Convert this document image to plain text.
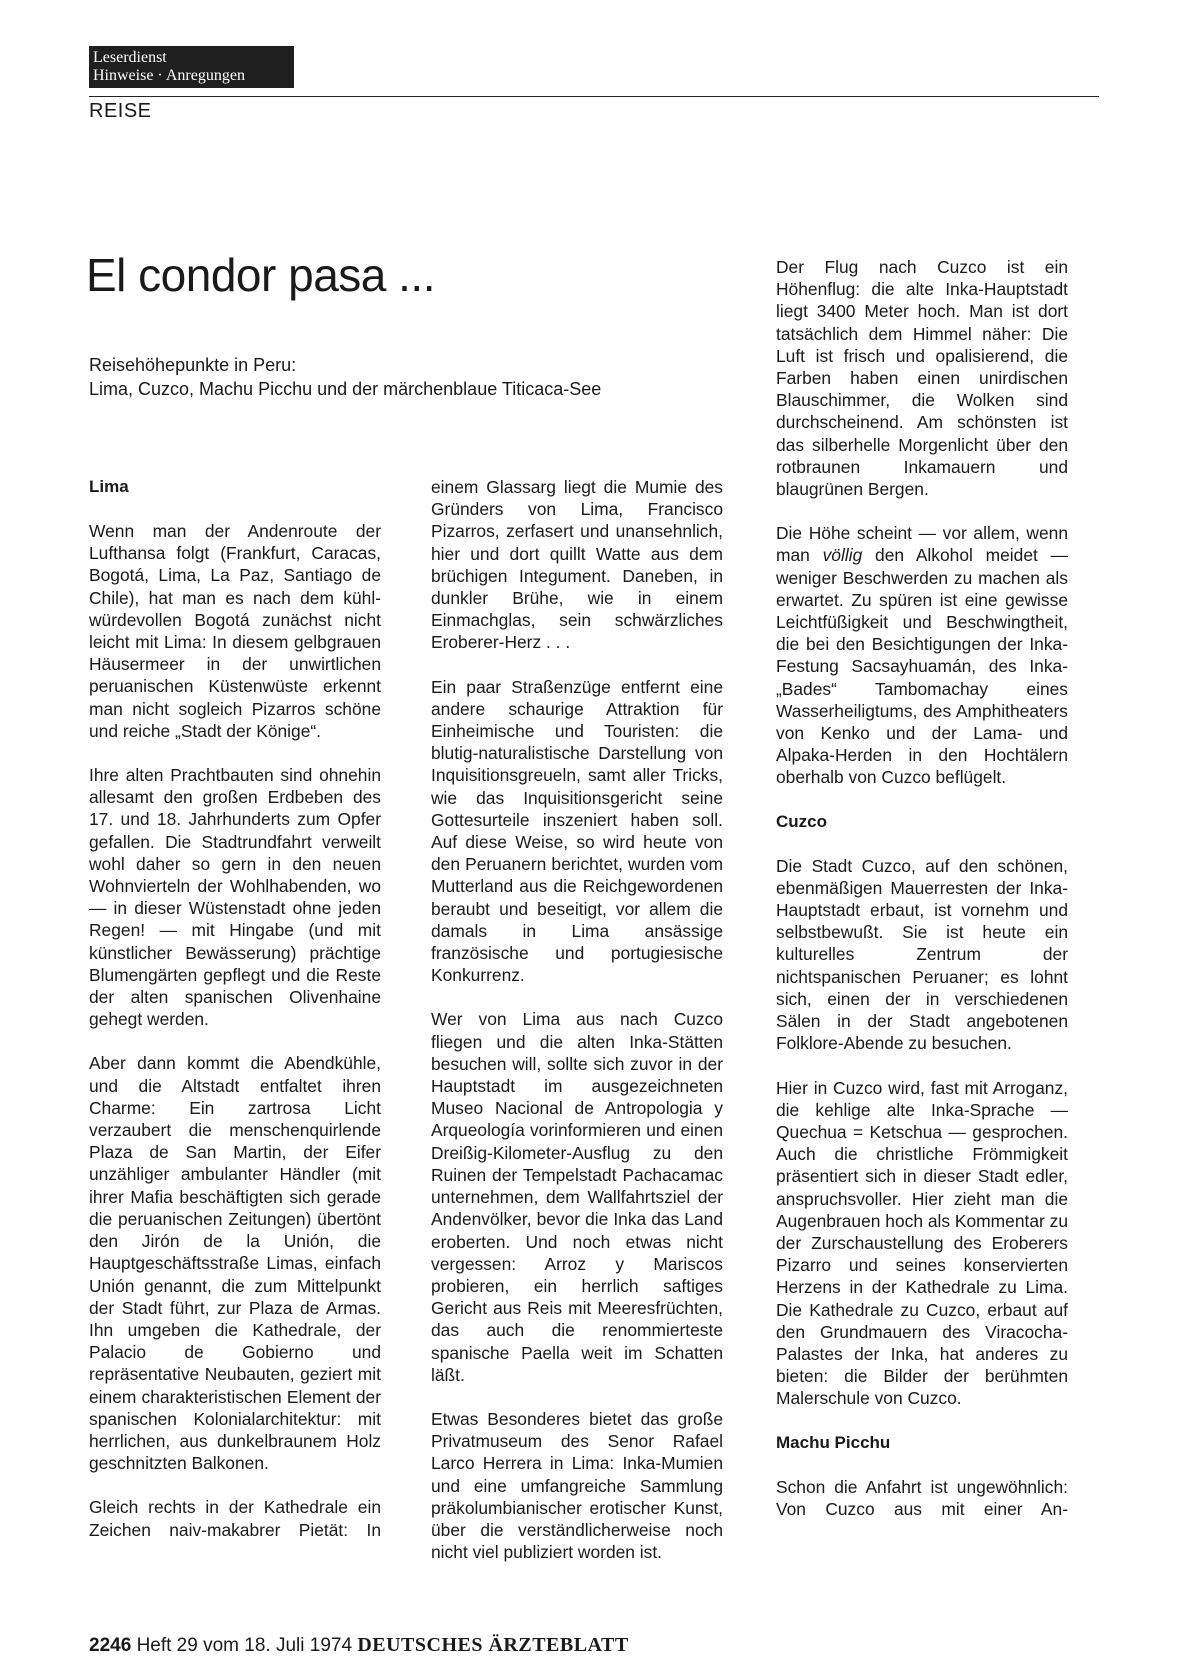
Leserdienst
Hinweise · Anregungen
REISE
El condor pasa ...
Reisehöhepunkte in Peru:
Lima, Cuzco, Machu Picchu und der märchenblaue Titicaca-See
Lima

Wenn man der Andenroute der Lufthansa folgt (Frankfurt, Caracas, Bogotá, Lima, La Paz, Santiago de Chile), hat man es nach dem kühl-würdevollen Bogotá zunächst nicht leicht mit Lima: In diesem gelbgrauen Häusermeer in der unwirtlichen peruanischen Küstenwüste erkennt man nicht sogleich Pizarros schöne und reiche „Stadt der Könige“.

Ihre alten Prachtbauten sind ohnehin allesamt den großen Erdbeben des 17. und 18. Jahrhunderts zum Opfer gefallen. Die Stadtrundfahrt verweilt wohl daher so gern in den neuen Wohnvierteln der Wohlhabenden, wo — in dieser Wüstenstadt ohne jeden Regen! — mit Hingabe (und mit künstlicher Bewässerung) prächtige Blumengärten gepflegt und die Reste der alten spanischen Olivenhaine gehegt werden.

Aber dann kommt die Abendkühle, und die Altstadt entfaltet ihren Charme: Ein zartrosa Licht verzaubert die menschenquirlende Plaza de San Martin, der Eifer unzähliger ambulanter Händler (mit ihrer Mafia beschäftigten sich gerade die peruanischen Zeitungen) übertönt den Jirón de la Unión, die Hauptgeschäftsstraße Limas, einfach Unión genannt, die zum Mittelpunkt der Stadt führt, zur Plaza de Armas. Ihn umgeben die Kathedrale, der Palacio de Gobierno und repräsentative Neubauten, geziert mit einem charakteristischen Element der spanischen Kolonialarchitektur: mit herrlichen, aus dunkelbraunem Holz geschnitzten Balkonen.

Gleich rechts in der Kathedrale ein Zeichen naiv-makabrer Pietät: In

einem Glassarg liegt die Mumie des Gründers von Lima, Francisco Pizarros, zerfasert und unansehnlich, hier und dort quillt Watte aus dem brüchigen Integument. Daneben, in dunkler Brühe, wie in einem Einmachglas, sein schwärzliches Eroberer-Herz . . .

Ein paar Straßenzüge entfernt eine andere schaurige Attraktion für Einheimische und Touristen: die blutig-naturalistische Darstellung von Inquisitionsgreueln, samt aller Tricks, wie das Inquisitionsgericht seine Gottesurteile inszeniert haben soll. Auf diese Weise, so wird heute von den Peruanern berichtet, wurden vom Mutterland aus die Reichgewordenen beraubt und beseitigt, vor allem die damals in Lima ansässige französische und portugiesische Konkurrenz.

Wer von Lima aus nach Cuzco fliegen und die alten Inka-Stätten besuchen will, sollte sich zuvor in der Hauptstadt im ausgezeichneten Museo Nacional de Antropologia y Arqueología vorinformieren und einen Dreißig-Kilometer-Ausflug zu den Ruinen der Tempelstadt Pachacamac unternehmen, dem Wallfahrtsziel der Andenvölker, bevor die Inka das Land eroberten. Und noch etwas nicht vergessen: Arroz y Mariscos probieren, ein herrlich saftiges Gericht aus Reis mit Meeresfrüchten, das auch die renommierteste spanische Paella weit im Schatten läßt.

Etwas Besonderes bietet das große Privatmuseum des Senor Rafael Larco Herrera in Lima: Inka-Mumien und eine umfangreiche Sammlung präkolumbianischer erotischer Kunst, über die verständlicherweise noch nicht viel publiziert worden ist.

Der Flug nach Cuzco ist ein Höhenflug: die alte Inka-Hauptstadt liegt 3400 Meter hoch. Man ist dort tatsächlich dem Himmel näher: Die Luft ist frisch und opalisierend, die Farben haben einen unirdischen Blauschimmer, die Wolken sind durchscheinend. Am schönsten ist das silberhelle Morgenlicht über den rotbraunen Inkamauern und blaugrünen Bergen.

Die Höhe scheint — vor allem, wenn man völlig den Alkohol meidet — weniger Beschwerden zu machen als erwartet. Zu spüren ist eine gewisse Leichtfüßigkeit und Beschwingtheit, die bei den Besichtigungen der Inka-Festung Sacsayhuamán, des Inka-„Bades“ Tambomachay eines Wasserheiligtums, des Amphitheaters von Kenko und der Lama- und Alpaka-Herden in den Hochtälern oberhalb von Cuzco beflügelt.

Cuzco

Die Stadt Cuzco, auf den schönen, ebenmäßigen Mauerresten der Inka-Hauptstadt erbaut, ist vornehm und selbstbewußt. Sie ist heute ein kulturelles Zentrum der nichtspanischen Peruaner; es lohnt sich, einen der in verschiedenen Sälen in der Stadt angebotenen Folklore-Abende zu besuchen.

Hier in Cuzco wird, fast mit Arroganz, die kehlige alte Inka-Sprache — Quechua = Ketschua — gesprochen. Auch die christliche Frömmigkeit präsentiert sich in dieser Stadt edler, anspruchsvoller. Hier zieht man die Augenbrauen hoch als Kommentar zu der Zurschaustellung des Eroberers Pizarro und seines konservierten Herzens in der Kathedrale zu Lima. Die Kathedrale zu Cuzco, erbaut auf den Grundmauern des Viracocha-Palastes der Inka, hat anderes zu bieten: die Bilder der berühmten Malerschule von Cuzco.

Machu Picchu

Schon die Anfahrt ist ungewöhnlich: Von Cuzco aus mit einer An-

2246 Heft 29 vom 18. Juli 1974 DEUTSCHES ÄRZTEBLATT
